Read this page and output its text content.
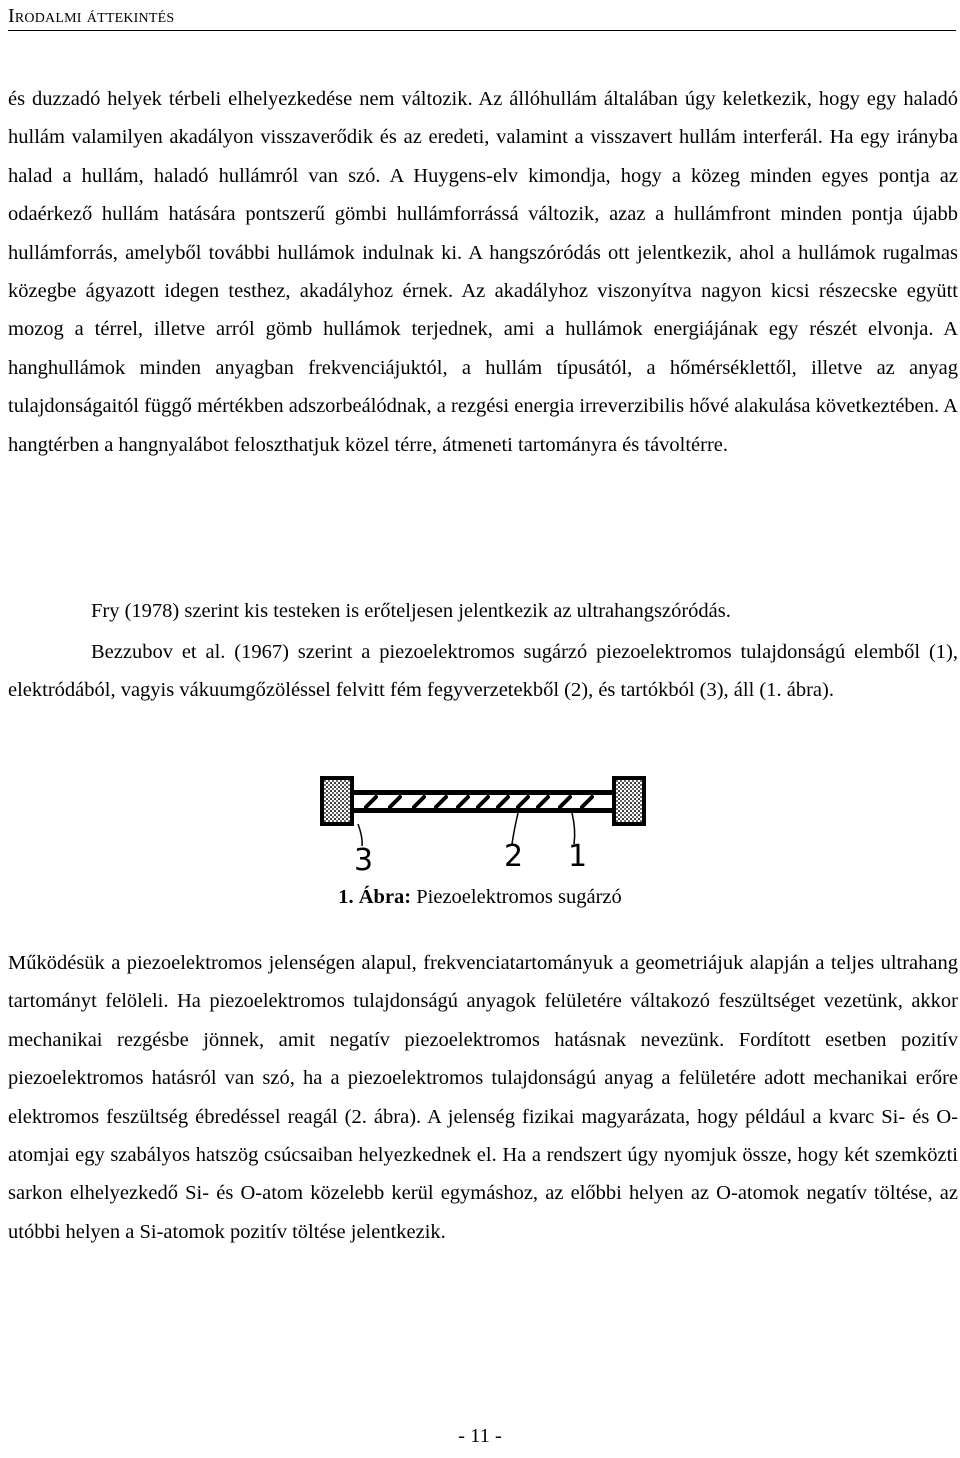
Irodalmi áttekintés

és duzzadó helyek térbeli elhelyezkedése nem változik. Az állóhullám általában úgy keletkezik, hogy egy haladó hullám valamilyen akadályon visszaverődik és az eredeti, valamint a visszavert hullám interferál. Ha egy irányba halad a hullám, haladó hullámról van szó. A Huygens-elv kimondja, hogy a közeg minden egyes pontja az odaérkező hullám hatására pontszerű gömbi hullámforrássá változik, azaz a hullámfront minden pontja újabb hullámforrás, amelyből további hullámok indulnak ki. A hangszóródás ott jelentkezik, ahol a hullámok rugalmas közegbe ágyazott idegen testhez, akadályhoz érnek. Az akadályhoz viszonyítva nagyon kicsi részecske együtt mozog a térrel, illetve arról gömb hullámok terjednek, ami a hullámok energiájának egy részét elvonja. A hanghullámok minden anyagban frekvenciájuktól, a hullám típusától, a hőmérséklettől, illetve az anyag tulajdonságaitól függő mértékben adszorbeálódnak, a rezgési energia irreverzibilis hővé alakulása következtében. A hangtérben a hangnyalábot feloszthatjuk közel térre, átmeneti tartományra és távoltérre.

Fry (1978) szerint kis testeken is erőteljesen jelentkezik az ultrahangszóródás.

Bezzubov et al. (1967) szerint a piezoelektromos sugárzó piezoelektromos tulajdonságú elemből (1), elektródából, vagyis vákuumgőzöléssel felvitt fém fegyverzetekből (2), és tartókból (3), áll (1. ábra).

3	2 1
1. Ábra: Piezoelektromos sugárzó

Működésük a piezoelektromos jelenségen alapul, frekvenciatartományuk a geometriájuk alapján a teljes ultrahang tartományt felöleli. Ha piezoelektromos tulajdonságú anyagok felületére váltakozó feszültséget vezetünk, akkor mechanikai rezgésbe jönnek, amit negatív piezoelektromos hatásnak nevezünk. Fordított esetben pozitív piezoelektromos hatásról van szó, ha a piezoelektromos tulajdonságú anyag a felületére adott mechanikai erőre elektromos feszültség ébredéssel reagál (2. ábra). A jelenség fizikai magyarázata, hogy például a kvarc Si- és O-atomjai egy szabályos hatszög csúcsaiban helyezkednek el. Ha a rendszert úgy nyomjuk össze, hogy két szemközti sarkon elhelyezkedő Si- és O-atom közelebb kerül egymáshoz, az előbbi helyen az O-atomok negatív töltése, az utóbbi helyen a Si-atomok pozitív töltése jelentkezik.

- 11 -
